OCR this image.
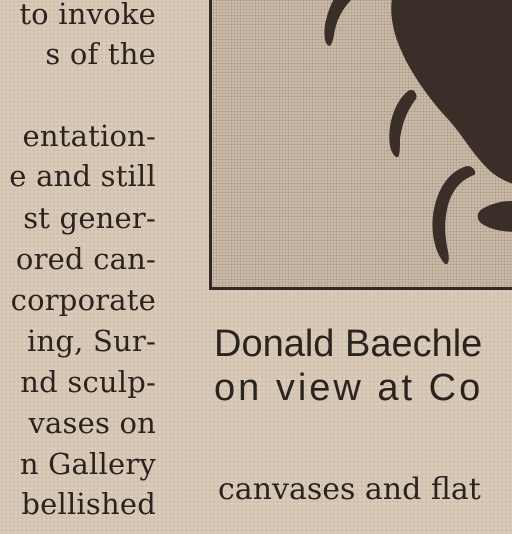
to invoke
s of the
entation-
e and still
st gener-
ored can-
corporate
ing, Sur-
nd sculp-
vases on
n Gallery
bellished
Donald Baechle
on view at Co
canvases and flat
